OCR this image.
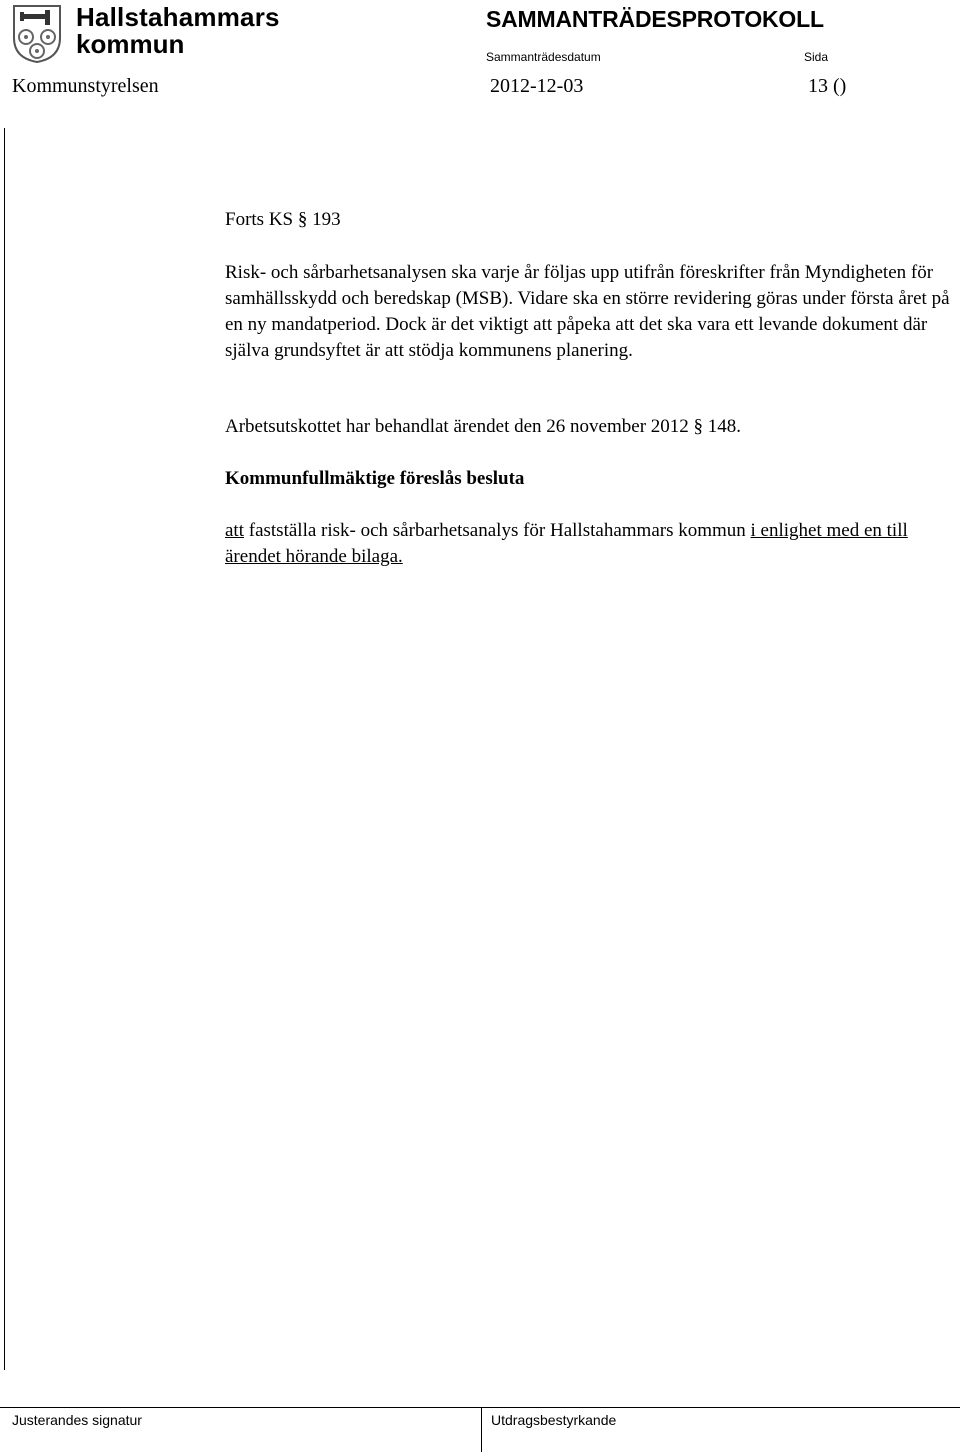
Hallstahammars
kommun
SAMMANTRÄDESPROTOKOLL
Sammanträdesdatum	Sida
Kommunstyrelsen	2012-12-03	13 ()
Forts KS § 193
Risk- och sårbarhetsanalysen ska varje år följas upp utifrån föreskrifter från Myndigheten för samhällsskydd och beredskap (MSB). Vidare ska en större revidering göras under första året på en ny mandatperiod. Dock är det viktigt att påpeka att det ska vara ett levande dokument där själva grundsyftet är att stödja kommunens planering.
Arbetsutskottet har behandlat ärendet den 26 november 2012 § 148.
Kommunfullmäktige föreslås besluta
att fastställa risk- och sårbarhetsanalys för Hallstahammars kommun i enlighet med en till ärendet hörande bilaga.
Justerandes signatur	Utdragsbestyrkande
